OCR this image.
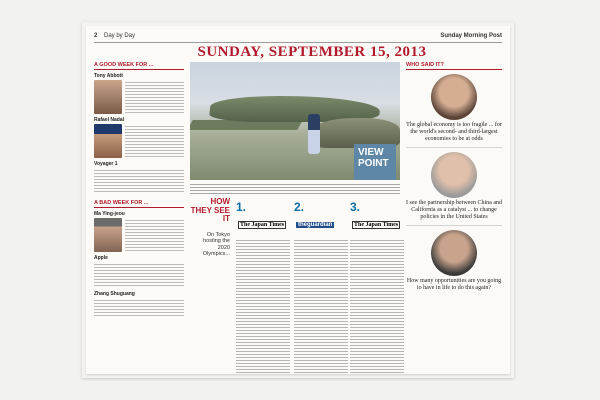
2 Day by Day	Sunday Morning Post
SUNDAY, SEPTEMBER 15, 2013
A GOOD WEEK FOR ...
Tony Abbott
Rafael Nadal
Voyager 1
A BAD WEEK FOR ...
Ma Ying-jeou
Apple
Zhang Shuguang
VIEW POINT
HOW THEY SEE IT
On Tokyo hosting the 2020 Olympics...
1. The Japan Times
2. theguardian
3. The Japan Times
WHO SAID IT?
The global economy is too fragile ... for the world's second- and third-largest economies to be at odds
I see the partnership between China and California as a catalyst ... to change policies in the United States
How many opportunities are you going to have in life to do this again?
